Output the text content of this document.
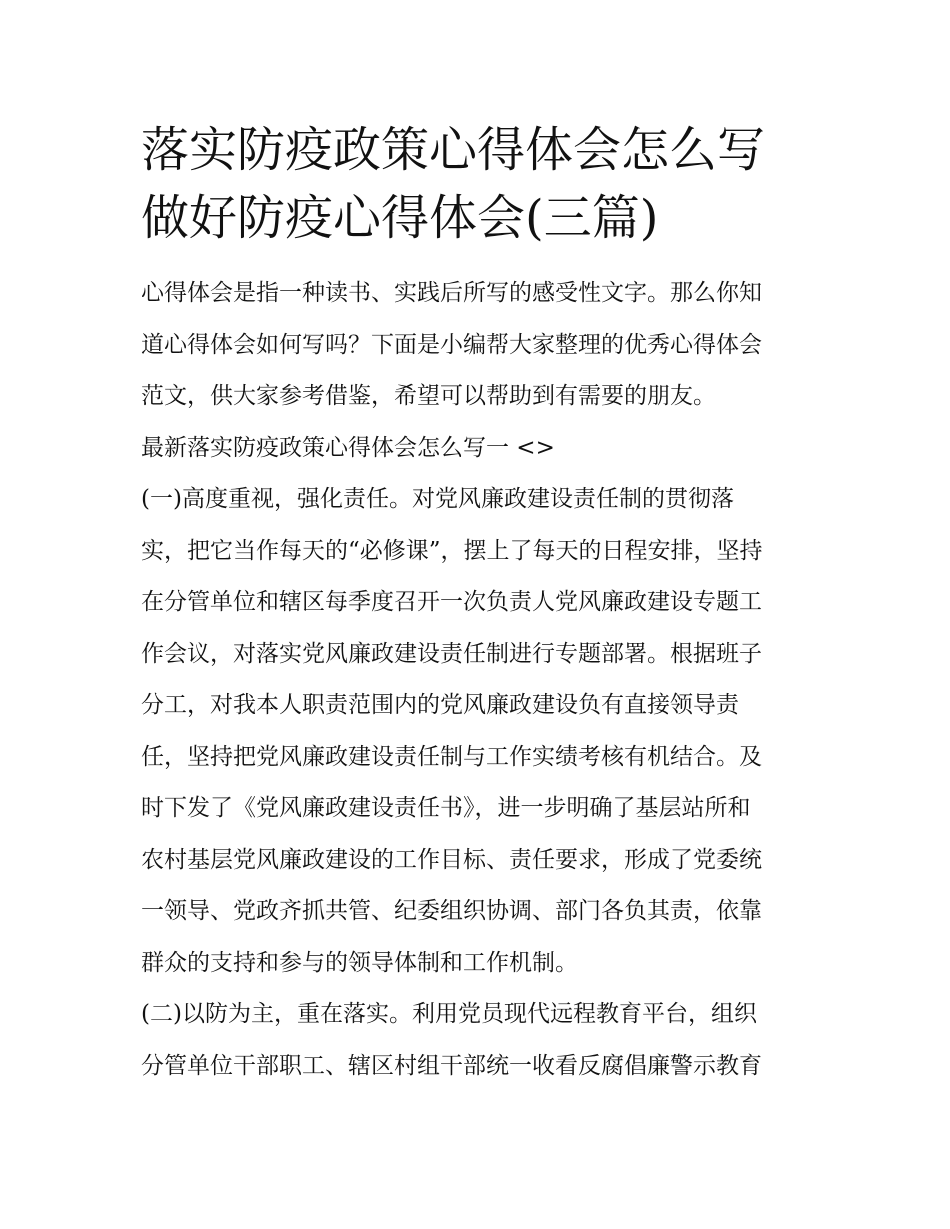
落实防疫政策心得体会怎么写
做好防疫心得体会(三篇)
心得体会是指一种读书、实践后所写的感受性文字。那么你知
道心得体会如何写吗？下面是小编帮大家整理的优秀心得体会
范文，供大家参考借鉴，希望可以帮助到有需要的朋友。
最新落实防疫政策心得体会怎么写一 <>
(一)高度重视，强化责任。对党风廉政建设责任制的贯彻落
实，把它当作每天的“必修课”，摆上了每天的日程安排，坚持
在分管单位和辖区每季度召开一次负责人党风廉政建设专题工
作会议，对落实党风廉政建设责任制进行专题部署。根据班子
分工，对我本人职责范围内的党风廉政建设负有直接领导责
任，坚持把党风廉政建设责任制与工作实绩考核有机结合。及
时下发了《党风廉政建设责任书》，进一步明确了基层站所和
农村基层党风廉政建设的工作目标、责任要求，形成了党委统
一领导、党政齐抓共管、纪委组织协调、部门各负其责，依靠
群众的支持和参与的领导体制和工作机制。
(二)以防为主，重在落实。利用党员现代远程教育平台，组织
分管单位干部职工、辖区村组干部统一收看反腐倡廉警示教育
